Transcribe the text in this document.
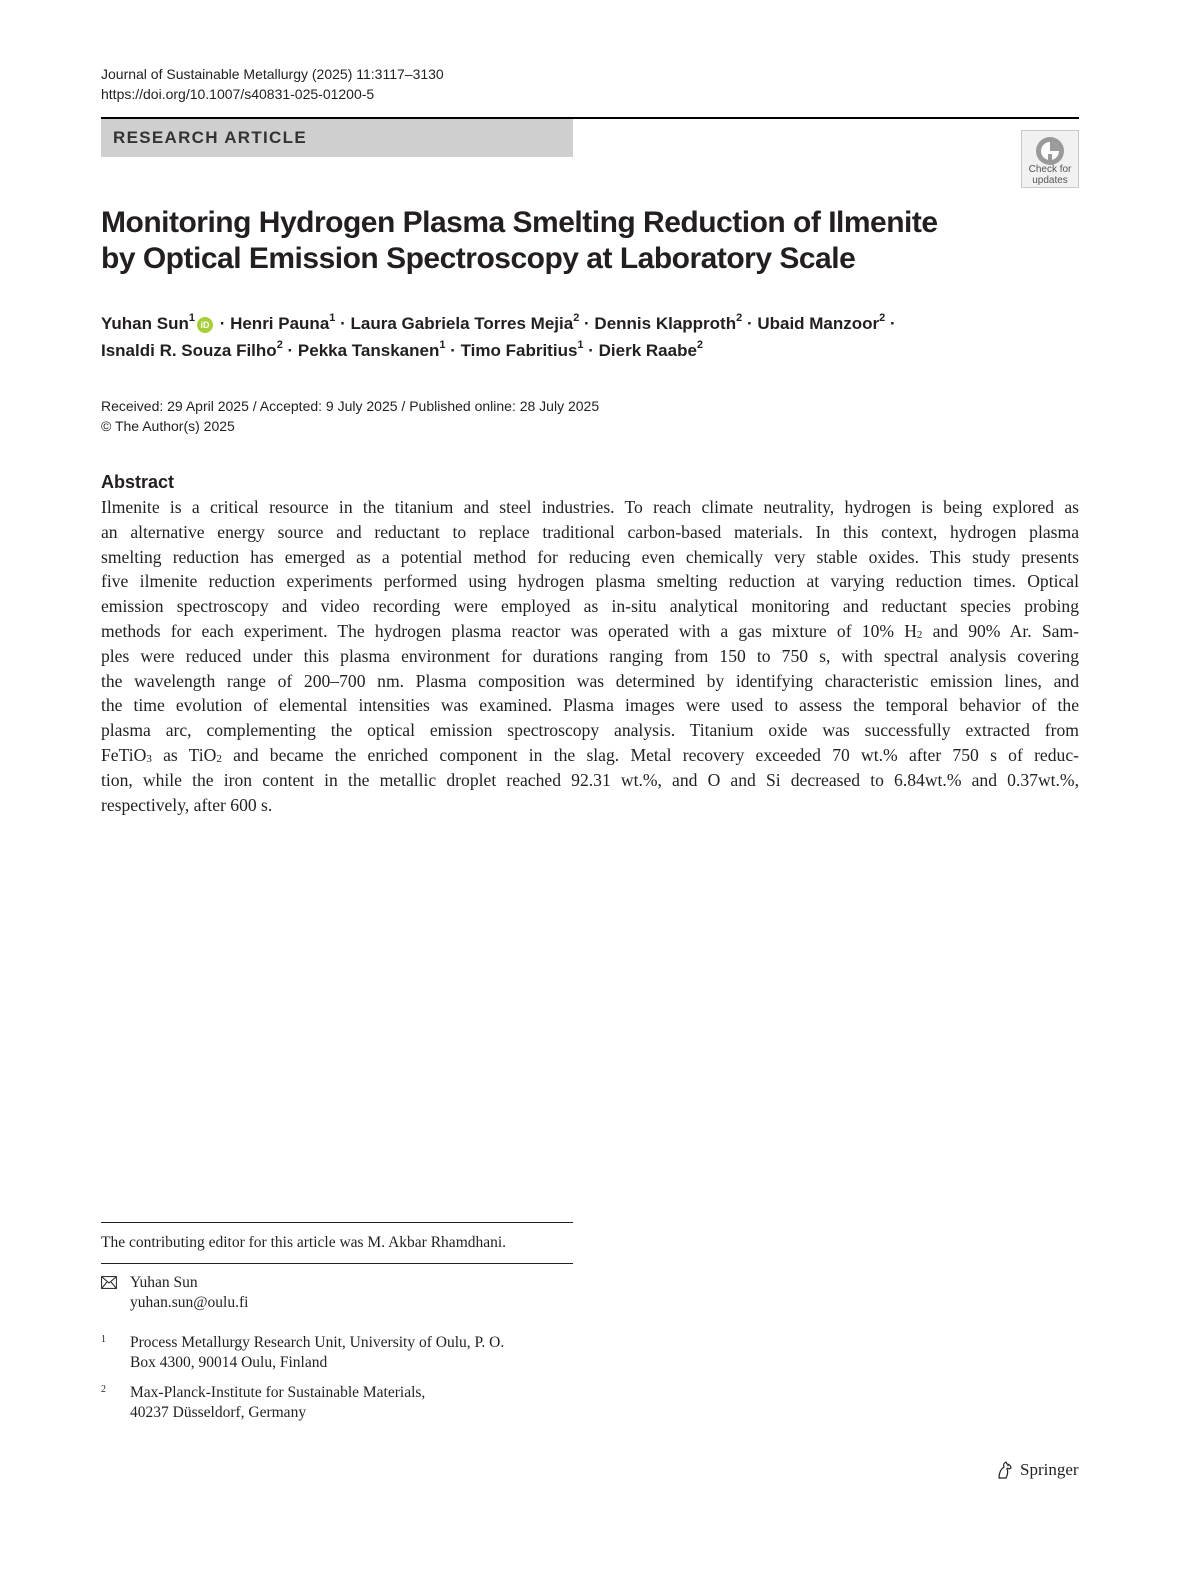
Journal of Sustainable Metallurgy (2025) 11:3117–3130
https://doi.org/10.1007/s40831-025-01200-5
RESEARCH ARTICLE
Check for
updates
Monitoring Hydrogen Plasma Smelting Reduction of Ilmenite
by Optical Emission Spectroscopy at Laboratory Scale
Yuhan Sun$^1$iD · Henri Pauna$^1$ · Laura Gabriela Torres Mejia$^2$ · Dennis Klapproth$^2$ · Ubaid Manzoor$^2$ ·
Isnaldi R. Souza Filho$^2$ · Pekka Tanskanen$^1$ · Timo Fabritius$^1$ · Dierk Raabe$^2$
Received: 29 April 2025 / Accepted: 9 July 2025 / Published online: 28 July 2025
© The Author(s) 2025
Abstract
Ilmenite is a critical resource in the titanium and steel industries. To reach climate neutrality, hydrogen is being explored as
an alternative energy source and reductant to replace traditional carbon-based materials. In this context, hydrogen plasma
smelting reduction has emerged as a potential method for reducing even chemically very stable oxides. This study presents
five ilmenite reduction experiments performed using hydrogen plasma smelting reduction at varying reduction times. Optical
emission spectroscopy and video recording were employed as in-situ analytical monitoring and reductant species probing
methods for each experiment. The hydrogen plasma reactor was operated with a gas mixture of 10% $H_2$ and 90% Ar. Sam-
ples were reduced under this plasma environment for durations ranging from 150 to 750 s, with spectral analysis covering
the wavelength range of 200–700 nm. Plasma composition was determined by identifying characteristic emission lines, and
the time evolution of elemental intensities was examined. Plasma images were used to assess the temporal behavior of the
plasma arc, complementing the optical emission spectroscopy analysis. Titanium oxide was successfully extracted from
FeTiO$_3$ as TiO$_2$ and became the enriched component in the slag. Metal recovery exceeded 70 wt.% after 750 s of reduc-
tion, while the iron content in the metallic droplet reached 92.31 wt.%, and O and Si decreased to 6.84wt.% and 0.37wt.%,
respectively, after 600 s.
The contributing editor for this article was M. Akbar Rhamdhani.
Yuhan Sun
yuhan.sun@oulu.fi
1 Process Metallurgy Research Unit, University of Oulu, P. O.
Box 4300, 90014 Oulu, Finland
2 Max-Planck-Institute for Sustainable Materials,
40237 Düsseldorf, Germany
Springer
